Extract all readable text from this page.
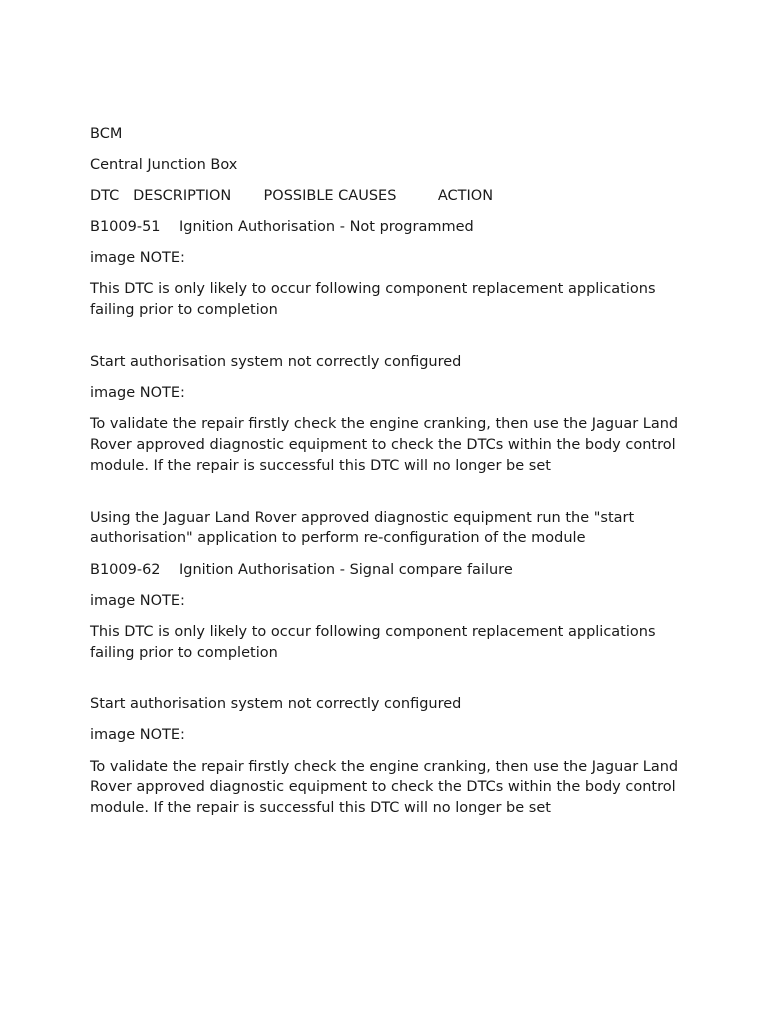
BCM

Central Junction Box

DTC   DESCRIPTION       POSSIBLE CAUSES         ACTION

B1009-51    Ignition Authorisation - Not programmed

image NOTE:

This DTC is only likely to occur following component replacement applications failing prior to completion

Start authorisation system not correctly configured

image NOTE:

To validate the repair firstly check the engine cranking, then use the Jaguar Land Rover approved diagnostic equipment to check the DTCs within the body control module. If the repair is successful this DTC will no longer be set

Using the Jaguar Land Rover approved diagnostic equipment run the "start authorisation" application to perform re-configuration of the module

B1009-62    Ignition Authorisation - Signal compare failure

image NOTE:

This DTC is only likely to occur following component replacement applications failing prior to completion

Start authorisation system not correctly configured

image NOTE:

To validate the repair firstly check the engine cranking, then use the Jaguar Land Rover approved diagnostic equipment to check the DTCs within the body control module. If the repair is successful this DTC will no longer be set
